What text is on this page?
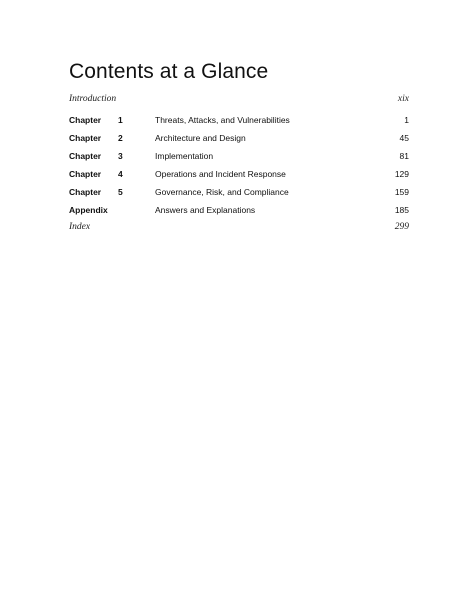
Contents at a Glance
Introduction	xix
Chapter 1	Threats, Attacks, and Vulnerabilities	1
Chapter 2	Architecture and Design	45
Chapter 3	Implementation	81
Chapter 4	Operations and Incident Response	129
Chapter 5	Governance, Risk, and Compliance	159
Appendix	Answers and Explanations	185
Index	299
